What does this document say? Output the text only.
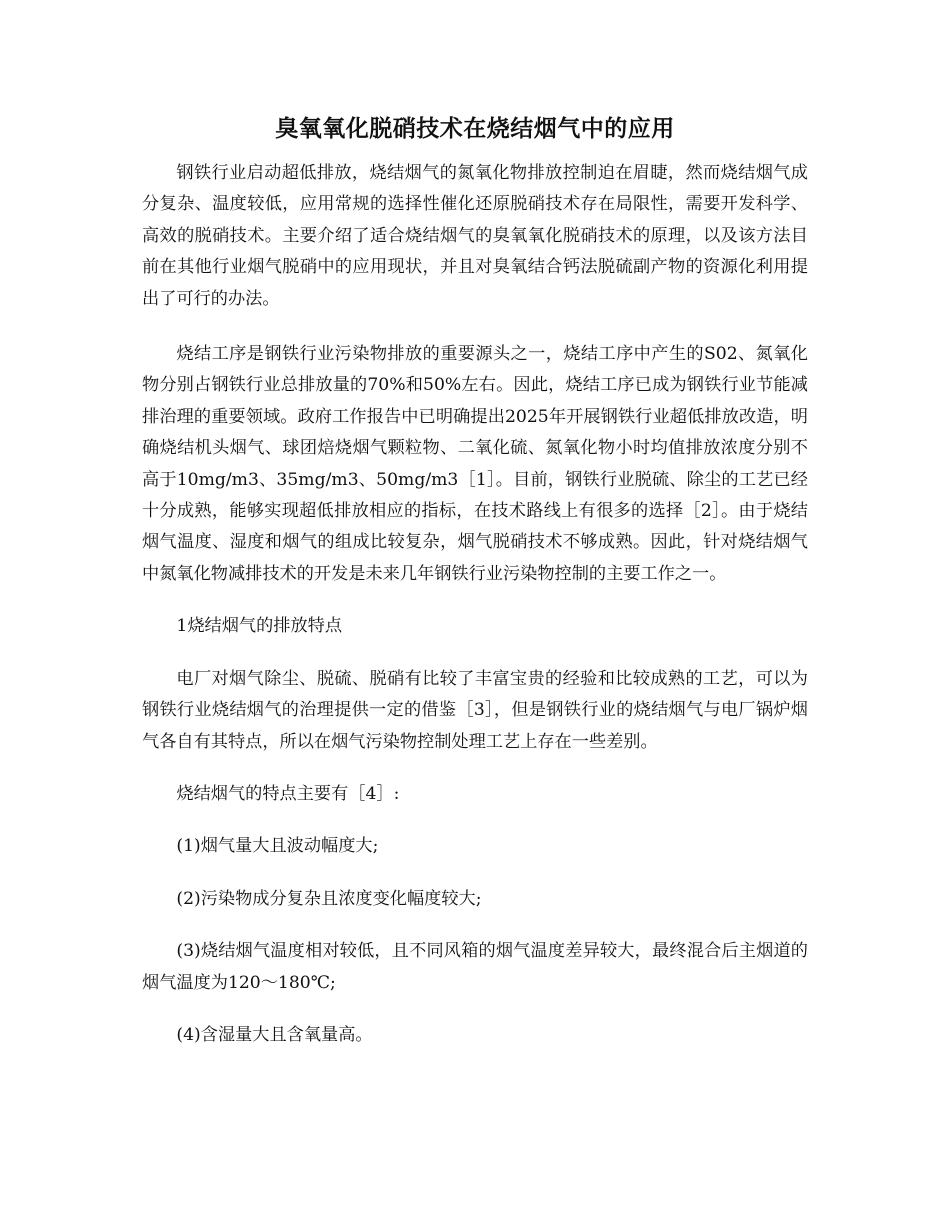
臭氧氧化脱硝技术在烧结烟气中的应用

钢铁行业启动超低排放，烧结烟气的氮氧化物排放控制迫在眉睫，然而烧结烟气成分复杂、温度较低，应用常规的选择性催化还原脱硝技术存在局限性，需要开发科学、高效的脱硝技术。主要介绍了适合烧结烟气的臭氧氧化脱硝技术的原理，以及该方法目前在其他行业烟气脱硝中的应用现状，并且对臭氧结合钙法脱硫副产物的资源化利用提出了可行的办法。

烧结工序是钢铁行业污染物排放的重要源头之一，烧结工序中产生的S02、氮氧化物分别占钢铁行业总排放量的70%和50%左右。因此，烧结工序已成为钢铁行业节能减排治理的重要领域。政府工作报告中已明确提出2025年开展钢铁行业超低排放改造，明确烧结机头烟气、球团焙烧烟气颗粒物、二氧化硫、氮氧化物小时均值排放浓度分别不高于10mg/m3、35mg/m3、50mg/m3［1］。目前，钢铁行业脱硫、除尘的工艺已经十分成熟，能够实现超低排放相应的指标，在技术路线上有很多的选择［2］。由于烧结烟气温度、湿度和烟气的组成比较复杂，烟气脱硝技术不够成熟。因此，针对烧结烟气中氮氧化物减排技术的开发是未来几年钢铁行业污染物控制的主要工作之一。

1烧结烟气的排放特点

电厂对烟气除尘、脱硫、脱硝有比较了丰富宝贵的经验和比较成熟的工艺，可以为钢铁行业烧结烟气的治理提供一定的借鉴［3］，但是钢铁行业的烧结烟气与电厂锅炉烟气各自有其特点，所以在烟气污染物控制处理工艺上存在一些差别。

烧结烟气的特点主要有［4］:

(1)烟气量大且波动幅度大;

(2)污染物成分复杂且浓度变化幅度较大;

(3)烧结烟气温度相对较低，且不同风箱的烟气温度差异较大，最终混合后主烟道的烟气温度为120～180℃;

(4)含湿量大且含氧量高。
